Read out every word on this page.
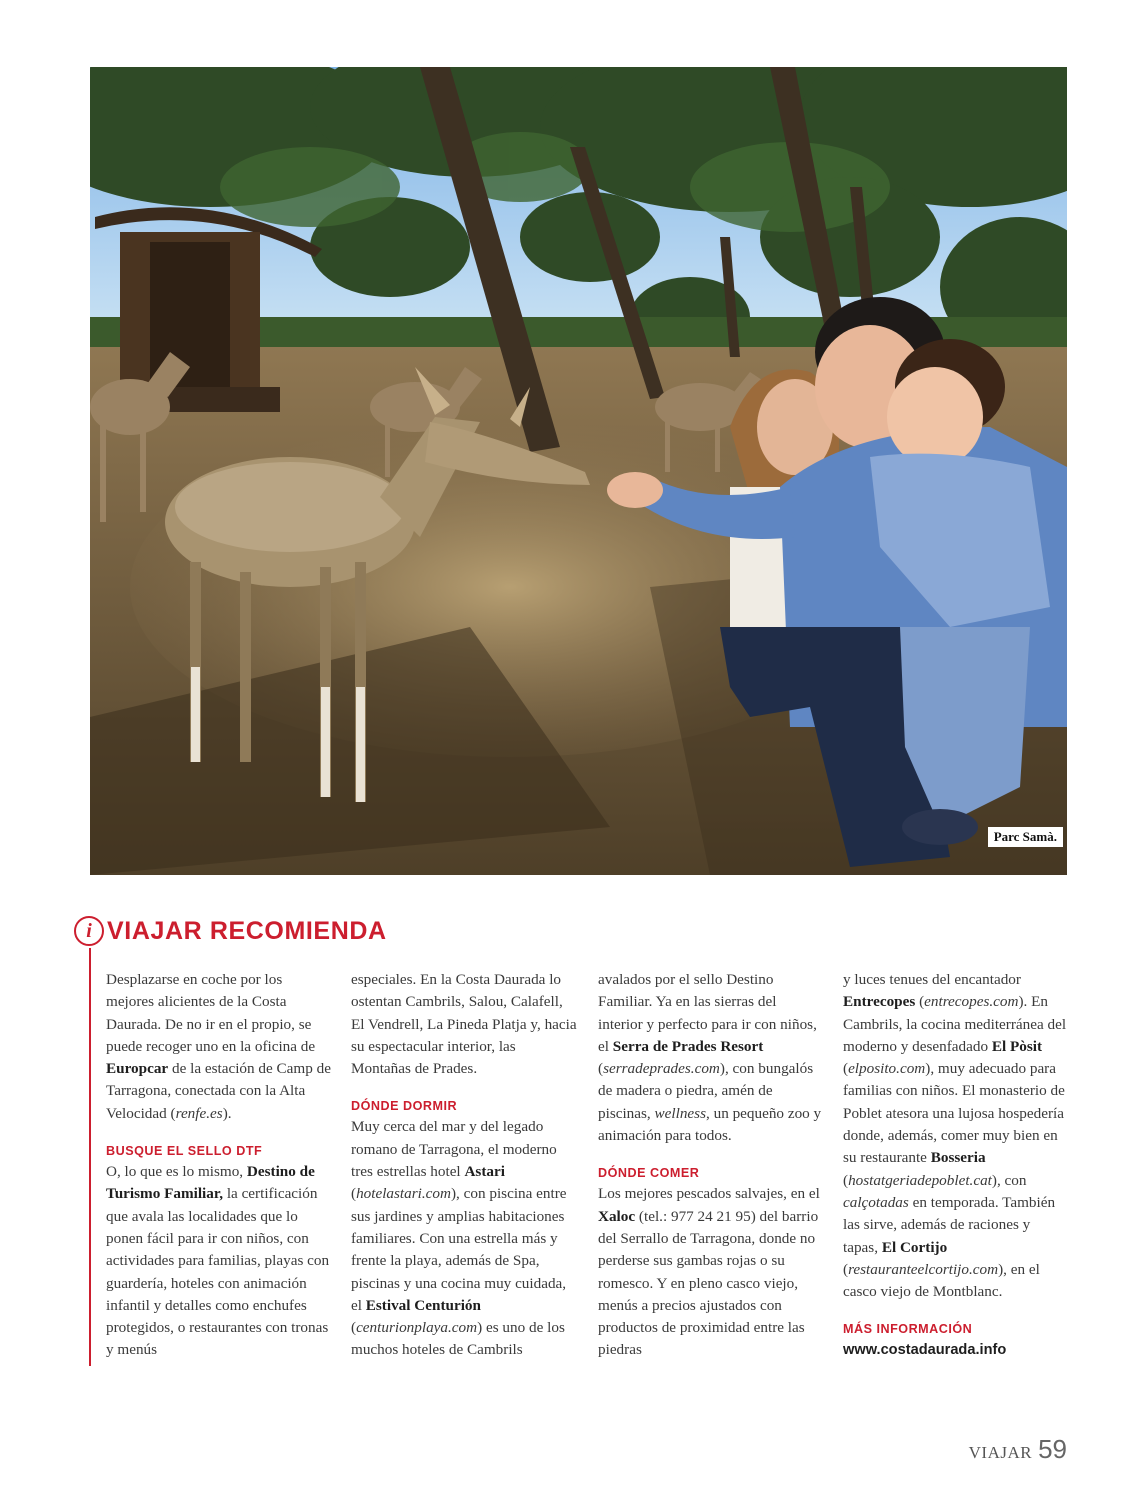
Parc Samà.
i VIAJAR RECOMIENDA

Desplazarse en coche por los mejores alicientes de la Costa Daurada. De no ir en el propio, se puede recoger uno en la oficina de Europcar de la estación de Camp de Tarragona, conectada con la Alta Velocidad (renfe.es).

BUSQUE EL SELLO DTF

O, lo que es lo mismo, Destino de Turismo Familiar, la certificación que avala las localidades que lo ponen fácil para ir con niños, con actividades para familias, playas con guardería, hoteles con animación infantil y detalles como enchufes protegidos, o restaurantes con tronas y menús

especiales. En la Costa Daurada lo ostentan Cambrils, Salou, Calafell, El Vendrell, La Pineda Platja y, hacia su espectacular interior, las Montañas de Prades.

DÓNDE DORMIR

Muy cerca del mar y del legado romano de Tarragona, el moderno tres estrellas hotel Astari (hotelastari.com), con piscina entre sus jardines y amplias habitaciones familiares. Con una estrella más y frente la playa, además de Spa, piscinas y una cocina muy cuidada, el Estival Centurión (centurionplaya.com) es uno de los muchos hoteles de Cambrils

avalados por el sello Destino Familiar. Ya en las sierras del interior y perfecto para ir con niños, el Serra de Prades Resort (serradeprades.com), con bungalós de madera o piedra, amén de piscinas, wellness, un pequeño zoo y animación para todos.

DÓNDE COMER

Los mejores pescados salvajes, en el Xaloc (tel.: 977 24 21 95) del barrio del Serrallo de Tarragona, donde no perderse sus gambas rojas o su romesco. Y en pleno casco viejo, menús a precios ajustados con productos de proximidad entre las piedras

y luces tenues del encantador Entrecopes (entrecopes.com). En Cambrils, la cocina mediterránea del moderno y desenfadado El Pòsit (elposito.com), muy adecuado para familias con niños. El monasterio de Poblet atesora una lujosa hospedería donde, además, comer muy bien en su restaurante Bosseria (hostatgeriadepoblet.cat), con calçotadas en temporada. También las sirve, además de raciones y tapas, El Cortijo (restauranteelcortijo.com), en el casco viejo de Montblanc.

MÁS INFORMACIÓN

www.costadaurada.info

VIAJAR 59
